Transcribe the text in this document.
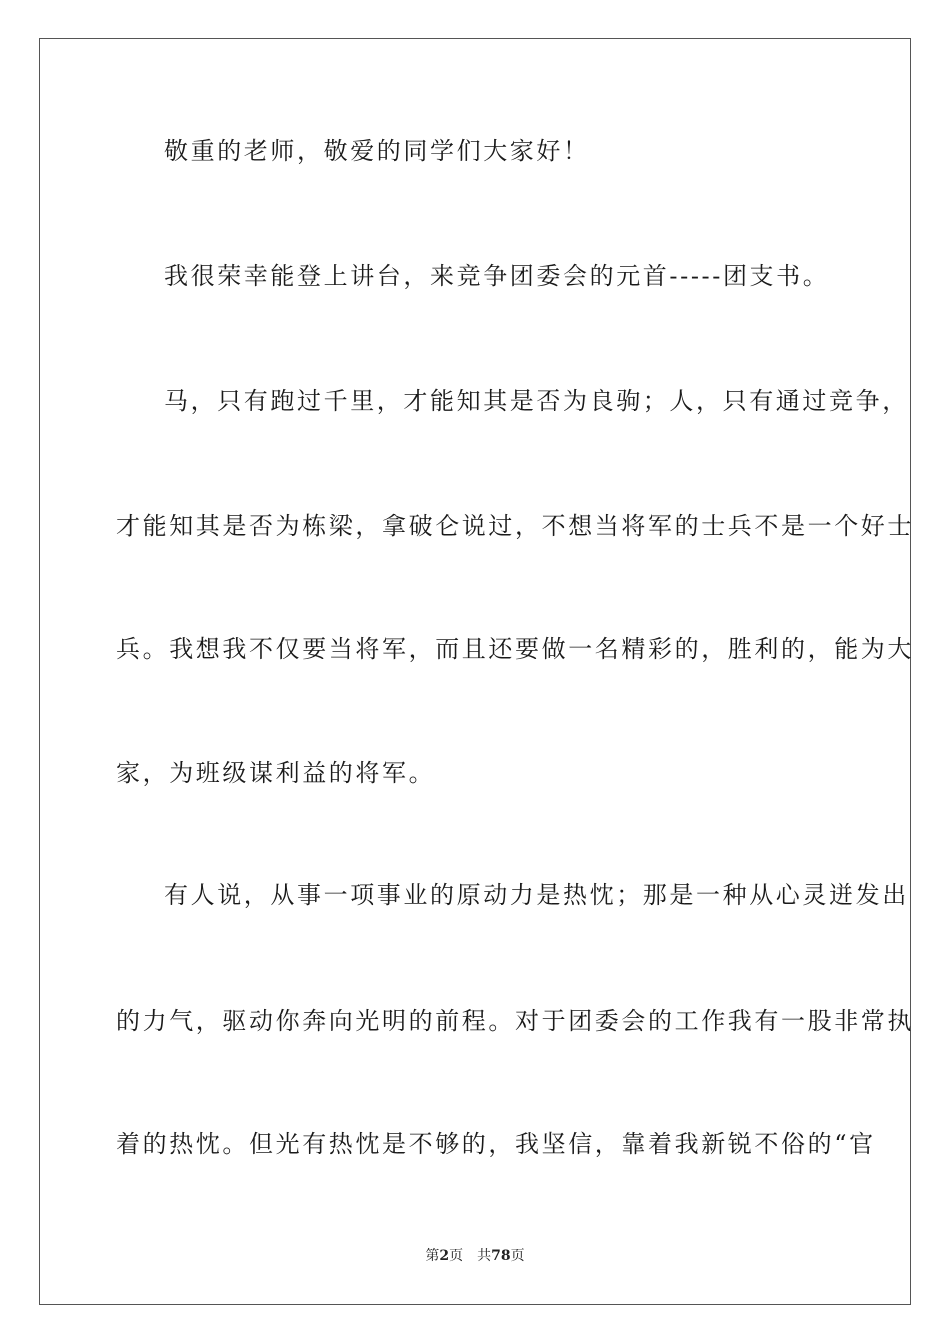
敬重的老师，敬爱的同学们大家好！
我很荣幸能登上讲台，来竞争团委会的元首-----团支书。
马，只有跑过千里，才能知其是否为良驹；人，只有通过竞争，
才能知其是否为栋梁，拿破仑说过，不想当将军的士兵不是一个好士
兵。我想我不仅要当将军，而且还要做一名精彩的，胜利的，能为大
家，为班级谋利益的将军。
有人说，从事一项事业的原动力是热忱；那是一种从心灵迸发出
的力气，驱动你奔向光明的前程。对于团委会的工作我有一股非常执
着的热忱。但光有热忱是不够的，我坚信，靠着我新锐不俗的“官
第2页 共78页
